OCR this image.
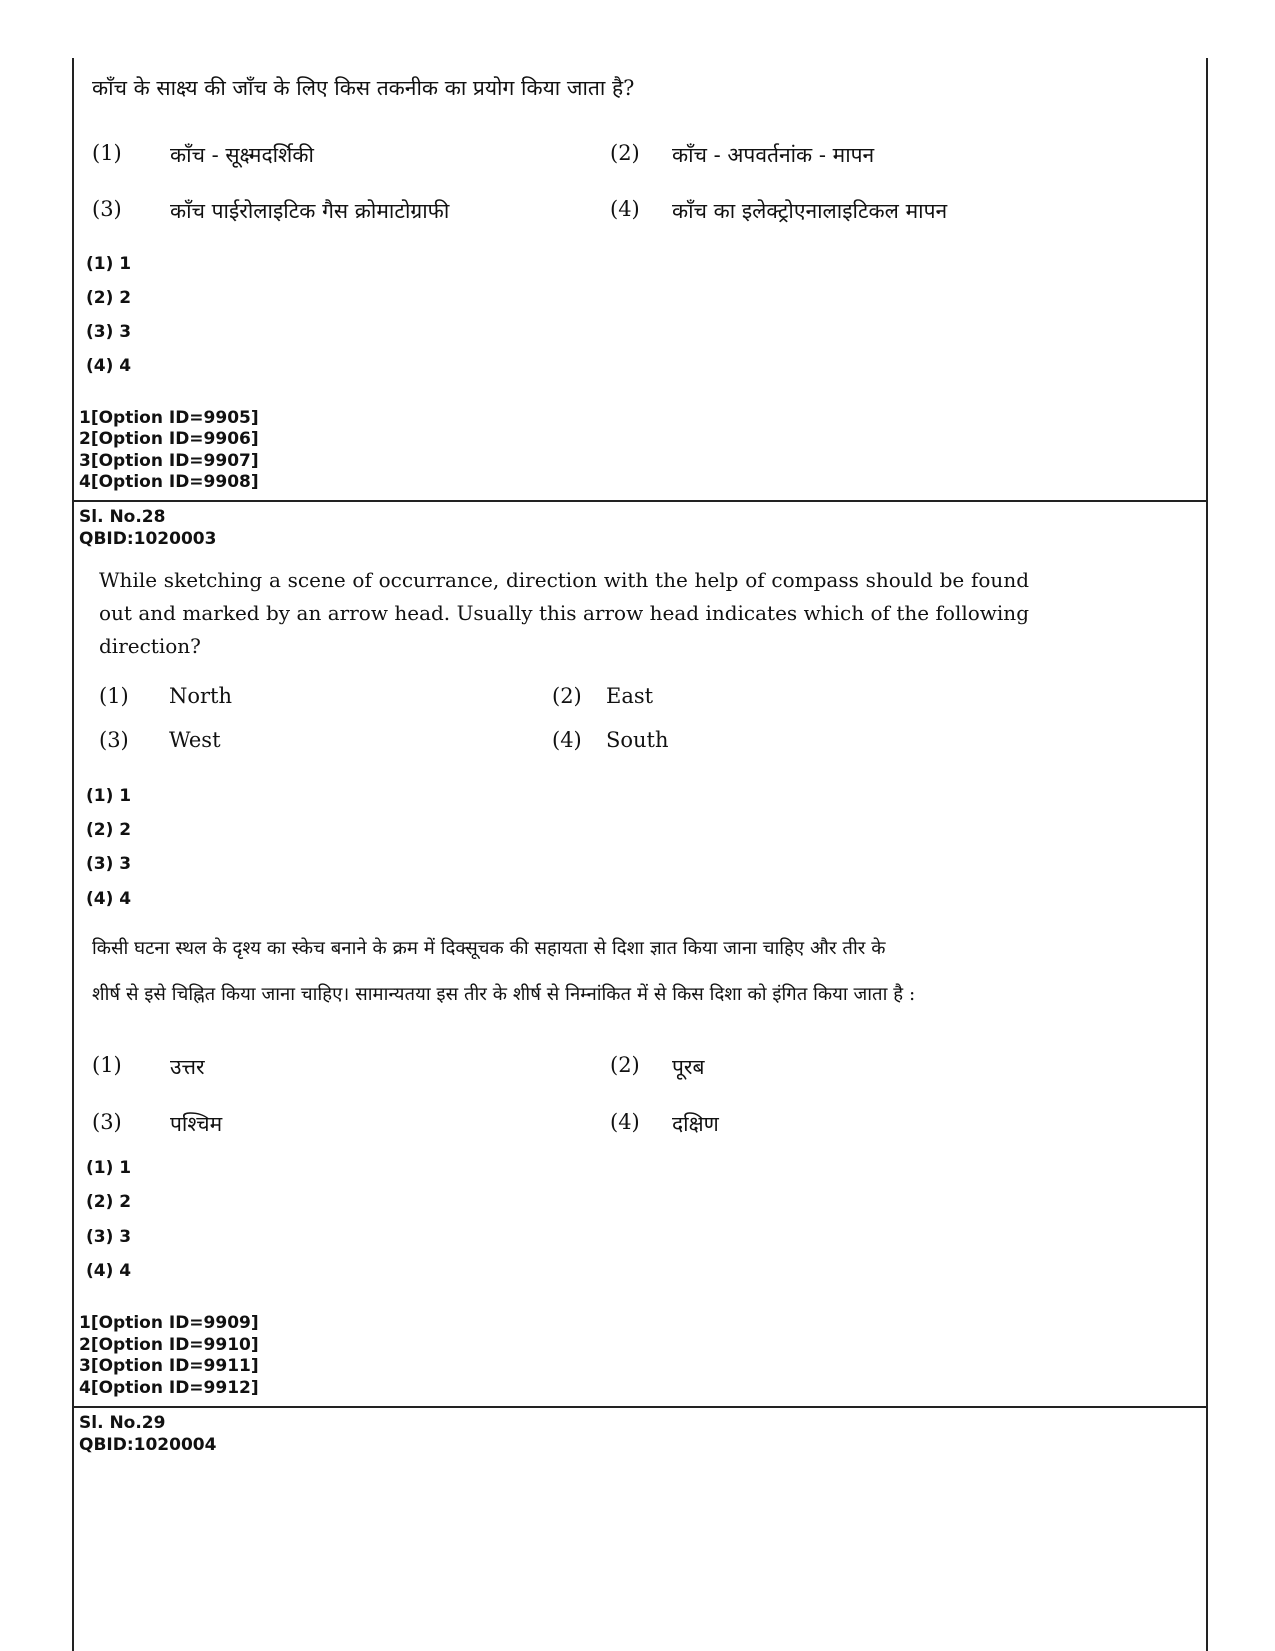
काँच के साक्ष्य की जाँच के लिए किस तकनीक का प्रयोग किया जाता है?
(1) काँच - सूक्ष्मदर्शिकी	(2) काँच - अपवर्तनांक - मापन
(3) काँच पाईरोलाइटिक गैस क्रोमाटोग्राफी	(4) काँच का इलेक्ट्रोएनालाइटिकल मापन
(1) 1
(2) 2
(3) 3
(4) 4
1[Option ID=9905]
2[Option ID=9906]
3[Option ID=9907]
4[Option ID=9908]
Sl. No.28
QBID:1020003
While sketching a scene of occurrance, direction with the help of compass should be found out and marked by an arrow head. Usually this arrow head indicates which of the following direction?
(1) North	(2) East
(3) West	(4) South
(1) 1
(2) 2
(3) 3
(4) 4
किसी घटना स्थल के दृश्य का स्केच बनाने के क्रम में दिक्सूचक की सहायता से दिशा ज्ञात किया जाना चाहिए और तीर के
शीर्ष से इसे चिह्नित किया जाना चाहिए। सामान्यतया इस तीर के शीर्ष से निम्नांकित में से किस दिशा को इंगित किया जाता है :
(1) उत्तर	(2) पूरब
(3) पश्चिम	(4) दक्षिण
(1) 1
(2) 2
(3) 3
(4) 4
1[Option ID=9909]
2[Option ID=9910]
3[Option ID=9911]
4[Option ID=9912]
Sl. No.29
QBID:1020004
